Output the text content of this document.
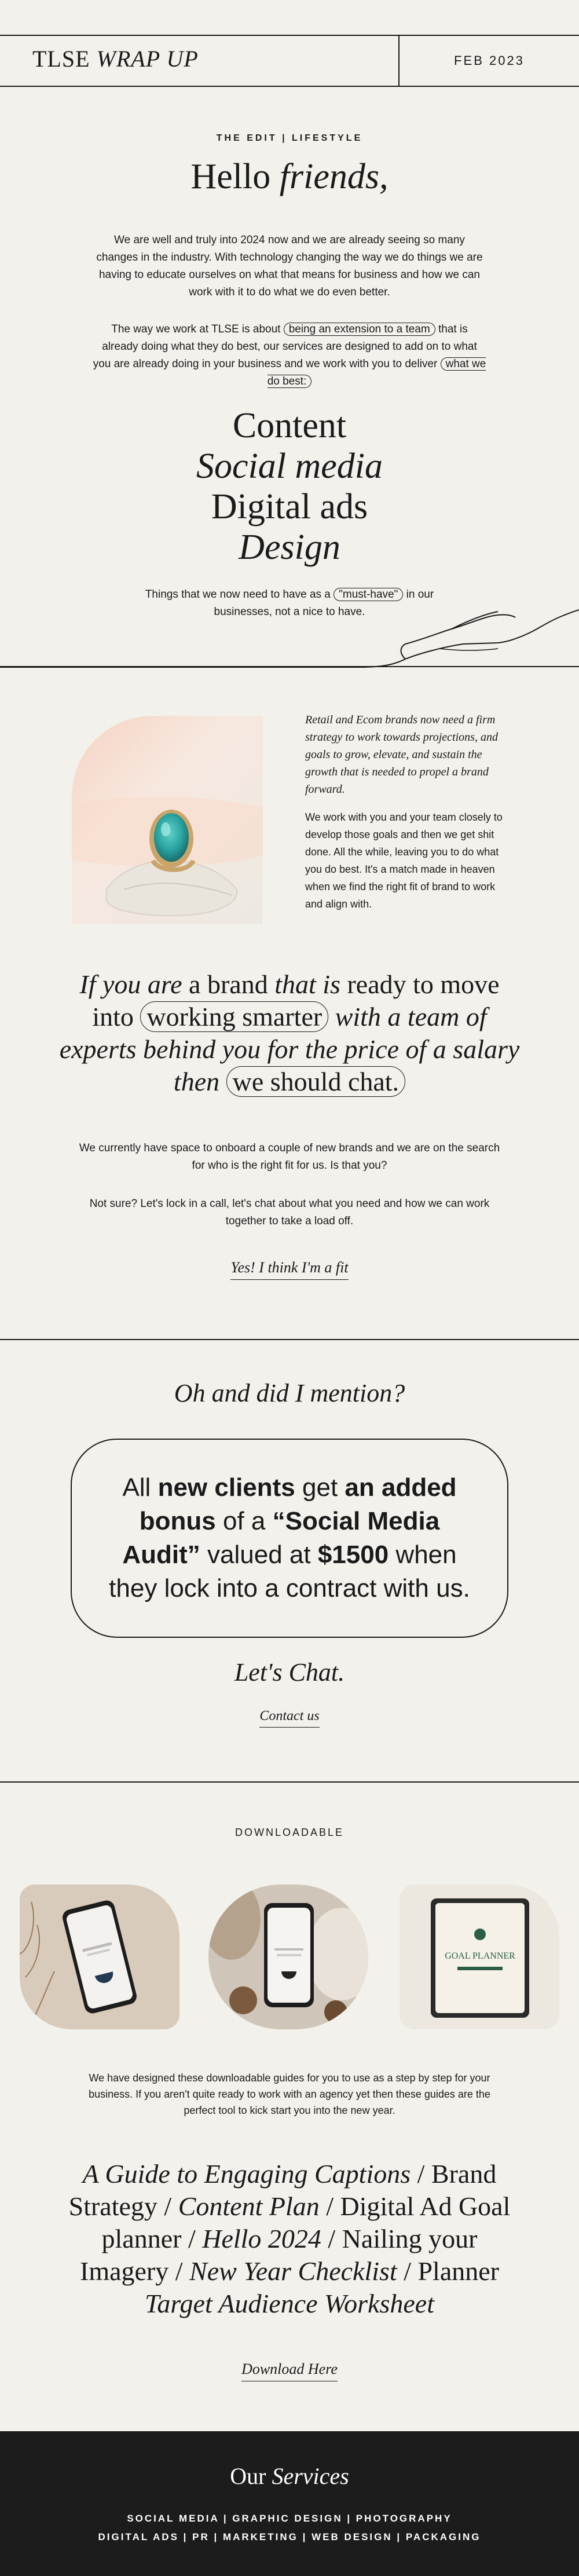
TLSE WRAP UP	FEB 2023
THE EDIT | LIFESTYLE
Hello friends,
We are well and truly into 2024 now and we are already seeing so many changes in the industry. With technology changing the way we do things we are having to educate ourselves on what that means for business and how we can work with it to do what we do even better.
The way we work at TLSE is about being an extension to a team that is already doing what they do best, our services are designed to add on to what you are already doing in your business and we work with you to deliver what we do best:
Content
Social media
Digital ads
Design
Things that we now need to have as a "must-have" in our businesses, not a nice to have.
Retail and Ecom brands now need a firm strategy to work towards projections, and goals to grow, elevate, and sustain the growth that is needed to propel a brand forward.
We work with you and your team closely to develop those goals and then we get shit done. All the while, leaving you to do what you do best. It's a match made in heaven when we find the right fit of brand to work and align with.
If you are a brand that is ready to move
into working smarter with a team of
experts behind you for the price of a salary
then we should chat.
We currently have space to onboard a couple of new brands and we are on the search for who is the right fit for us. Is that you?
Not sure? Let's lock in a call, let's chat about what you need and how we can work together to take a load off.
Yes! I think I'm a fit
Oh and did I mention?
All new clients get an added bonus of a “Social Media Audit” valued at $1500 when they lock into a contract with us.
Let's Chat.
Contact us
DOWNLOADABLE
GOAL PLANNER
We have designed these downloadable guides for you to use as a step by step for your business. If you aren't quite ready to work with an agency yet then these guides are the perfect tool to kick start you into the new year.
A Guide to Engaging Captions / Brand Strategy / Content Plan / Digital Ad Goal planner / Hello 2024 / Nailing your Imagery / New Year Checklist / Planner Target Audience Worksheet
Download Here
Our Services
SOCIAL MEDIA | GRAPHIC DESIGN | PHOTOGRAPHY
DIGITAL ADS | PR | MARKETING | WEB DESIGN | PACKAGING
